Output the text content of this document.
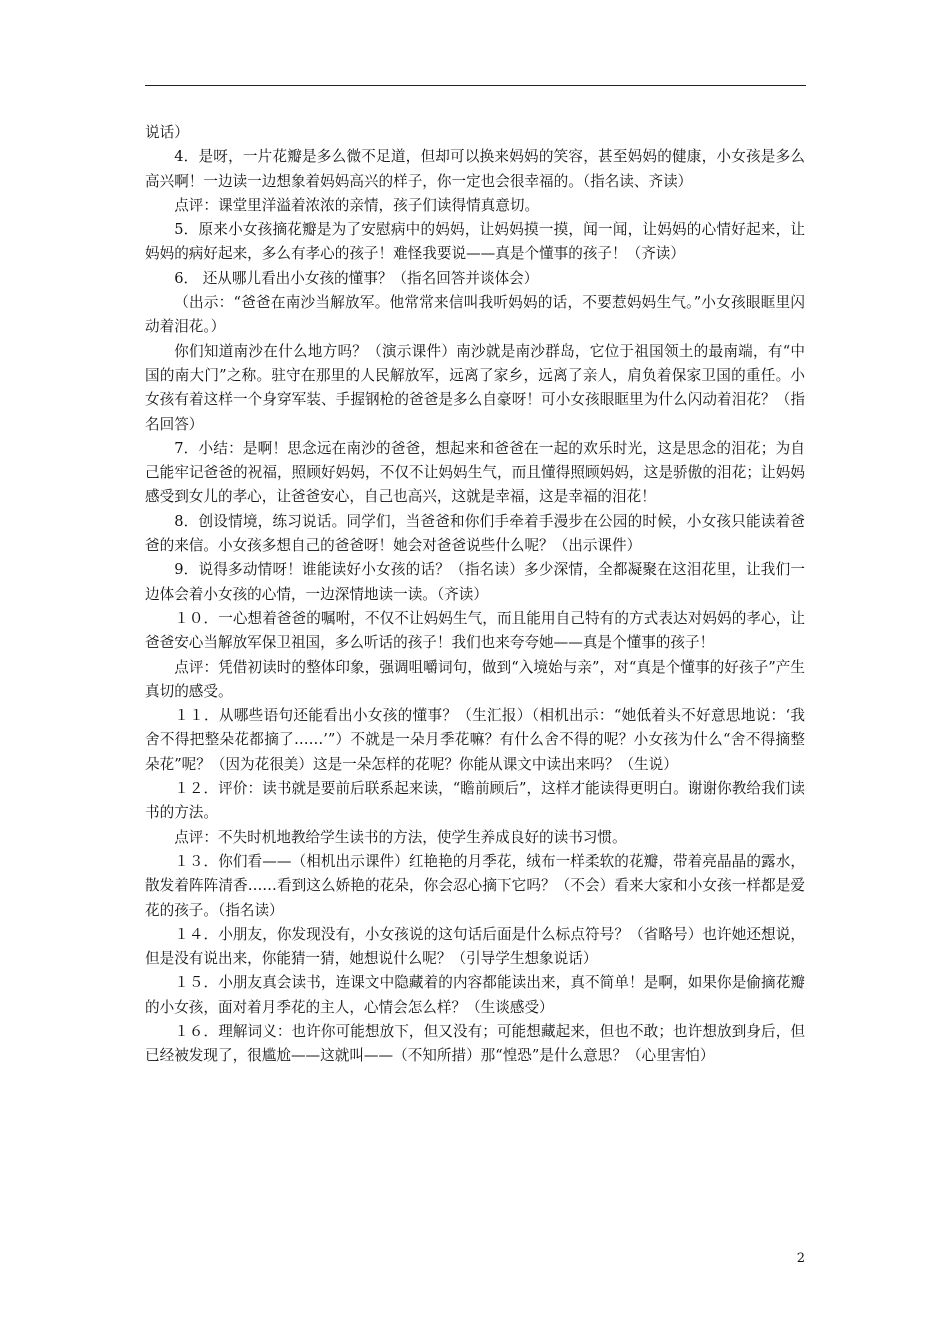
说话）

4．是呀，一片花瓣是多么微不足道，但却可以换来妈妈的笑容，甚至妈妈的健康，小女孩是多么高兴啊！一边读一边想象着妈妈高兴的样子，你一定也会很幸福的。（指名读、齐读）

点评：课堂里洋溢着浓浓的亲情，孩子们读得情真意切。

5．原来小女孩摘花瓣是为了安慰病中的妈妈，让妈妈摸一摸，闻一闻，让妈妈的心情好起来，让妈妈的病好起来，多么有孝心的孩子！难怪我要说——真是个懂事的孩子！（齐读）

6． 还从哪儿看出小女孩的懂事？（指名回答并谈体会）

（出示：“爸爸在南沙当解放军。他常常来信叫我听妈妈的话，不要惹妈妈生气。”小女孩眼眶里闪动着泪花。）

你们知道南沙在什么地方吗？（演示课件）南沙就是南沙群岛，它位于祖国领土的最南端，有“中国的南大门”之称。驻守在那里的人民解放军，远离了家乡，远离了亲人，肩负着保家卫国的重任。小女孩有着这样一个身穿军装、手握钢枪的爸爸是多么自豪呀！可小女孩眼眶里为什么闪动着泪花？（指名回答）

7．小结：是啊！思念远在南沙的爸爸，想起来和爸爸在一起的欢乐时光，这是思念的泪花；为自己能牢记爸爸的祝福，照顾好妈妈，不仅不让妈妈生气，而且懂得照顾妈妈，这是骄傲的泪花；让妈妈感受到女儿的孝心，让爸爸安心，自己也高兴，这就是幸福，这是幸福的泪花！

8．创设情境，练习说话。同学们，当爸爸和你们手牵着手漫步在公园的时候，小女孩只能读着爸爸的来信。小女孩多想自己的爸爸呀！她会对爸爸说些什么呢？（出示课件）

9．说得多动情呀！谁能读好小女孩的话？（指名读）多少深情，全都凝聚在这泪花里，让我们一边体会着小女孩的心情，一边深情地读一读。（齐读）

１０．一心想着爸爸的嘱咐，不仅不让妈妈生气，而且能用自己特有的方式表达对妈妈的孝心，让爸爸安心当解放军保卫祖国，多么听话的孩子！我们也来夸夸她——真是个懂事的孩子！

点评：凭借初读时的整体印象，强调咀嚼词句，做到“入境始与亲”，对“真是个懂事的好孩子”产生真切的感受。

１１．从哪些语句还能看出小女孩的懂事？（生汇报）（相机出示：“她低着头不好意思地说：‘我舍不得把整朵花都摘了……’”）不就是一朵月季花嘛？有什么舍不得的呢？小女孩为什么“舍不得摘整朵花”呢？（因为花很美）这是一朵怎样的花呢？你能从课文中读出来吗？（生说）

１２．评价：读书就是要前后联系起来读，“瞻前顾后”，这样才能读得更明白。谢谢你教给我们读书的方法。

点评：不失时机地教给学生读书的方法，使学生养成良好的读书习惯。

１３．你们看——（相机出示课件）红艳艳的月季花，绒布一样柔软的花瓣，带着亮晶晶的露水，散发着阵阵清香……看到这么娇艳的花朵，你会忍心摘下它吗？（不会）看来大家和小女孩一样都是爱花的孩子。（指名读）

１４．小朋友，你发现没有，小女孩说的这句话后面是什么标点符号？（省略号）也许她还想说，但是没有说出来，你能猜一猜，她想说什么呢？（引导学生想象说话）

１５．小朋友真会读书，连课文中隐藏着的内容都能读出来，真不简单！是啊，如果你是偷摘花瓣的小女孩，面对着月季花的主人，心情会怎么样？（生谈感受）

１６．理解词义：也许你可能想放下，但又没有；可能想藏起来，但也不敢；也许想放到身后，但已经被发现了，很尴尬——这就叫——（不知所措）那“惶恐”是什么意思？（心里害怕）

2
